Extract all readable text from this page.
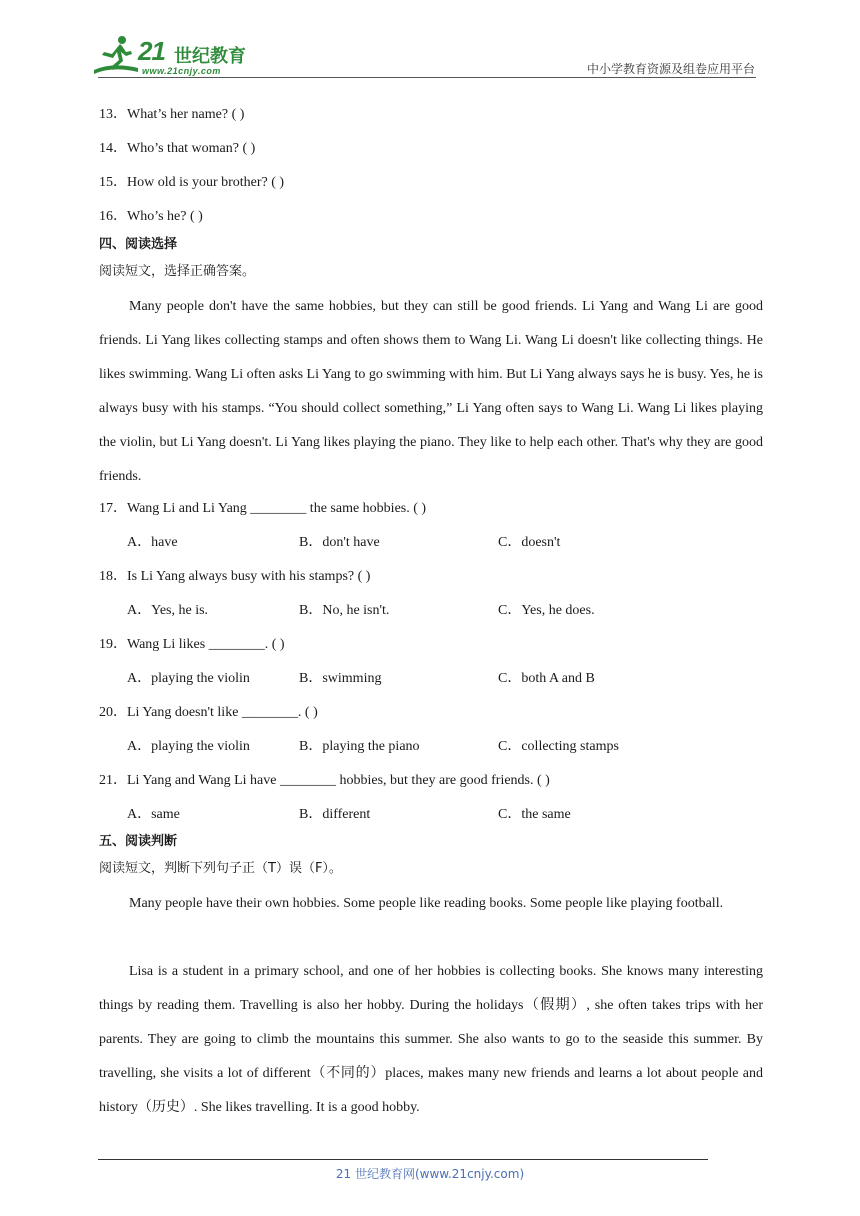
21 世纪教育
www.21cnjy.com	中小学教育资源及组卷应用平台
13．What’s her name? ( )
14．Who’s that woman? ( )
15．How old is your brother? ( )
16．Who’s he? ( )
四、阅读选择
阅读短文，选择正确答案。
Many people don't have the same hobbies, but they can still be good friends. Li Yang and Wang Li are good friends. Li Yang likes collecting stamps and often shows them to Wang Li. Wang Li doesn't like collecting things. He likes swimming. Wang Li often asks Li Yang to go swimming with him. But Li Yang always says he is busy. Yes, he is always busy with his stamps. “You should collect something,” Li Yang often says to Wang Li. Wang Li likes playing the violin, but Li Yang doesn't. Li Yang likes playing the piano. They like to help each other. That's why they are good friends.
17．Wang Li and Li Yang ________ the same hobbies. ( )
A．have	B．don't have	C．doesn't
18．Is Li Yang always busy with his stamps? ( )
A．Yes, he is.	B．No, he isn't.	C．Yes, he does.
19．Wang Li likes ________. ( )
A．playing the violin	B．swimming	C．both A and B
20．Li Yang doesn't like ________. ( )
A．playing the violin	B．playing the piano	C．collecting stamps
21．Li Yang and Wang Li have ________ hobbies, but they are good friends. ( )
A．same	B．different	C．the same
五、阅读判断
阅读短文，判断下列句子正（T）误（F）。
Many people have their own hobbies. Some people like reading books. Some people like playing football.
Lisa is a student in a primary school, and one of her hobbies is collecting books. She knows many interesting things by reading them. Travelling is also her hobby. During the holidays（假期）, she often takes trips with her parents. They are going to climb the mountains this summer. She also wants to go to the seaside this summer. By travelling, she visits a lot of different（不同的）places, makes many new friends and learns a lot about people and history（历史）. She likes travelling. It is a good hobby.
21 世纪教育网(www.21cnjy.com)
